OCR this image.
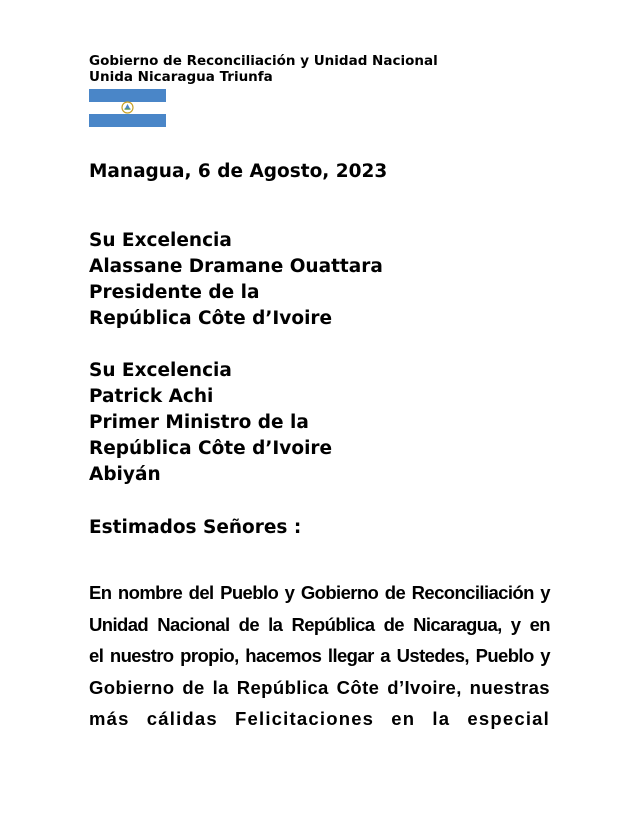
Gobierno de Reconciliación y Unidad Nacional
Unida Nicaragua Triunfa
Managua, 6 de Agosto, 2023
Su Excelencia
Alassane Dramane Ouattara
Presidente de la
República Côte d’Ivoire
Su Excelencia
Patrick Achi
Primer Ministro de la
República Côte d’Ivoire
Abiyán
Estimados Señores :
En nombre del Pueblo y Gobierno de Reconciliación y
Unidad Nacional de la República de Nicaragua, y en
el nuestro propio, hacemos llegar a Ustedes, Pueblo y
Gobierno de la República Côte d’Ivoire, nuestras
más cálidas Felicitaciones en la especial
